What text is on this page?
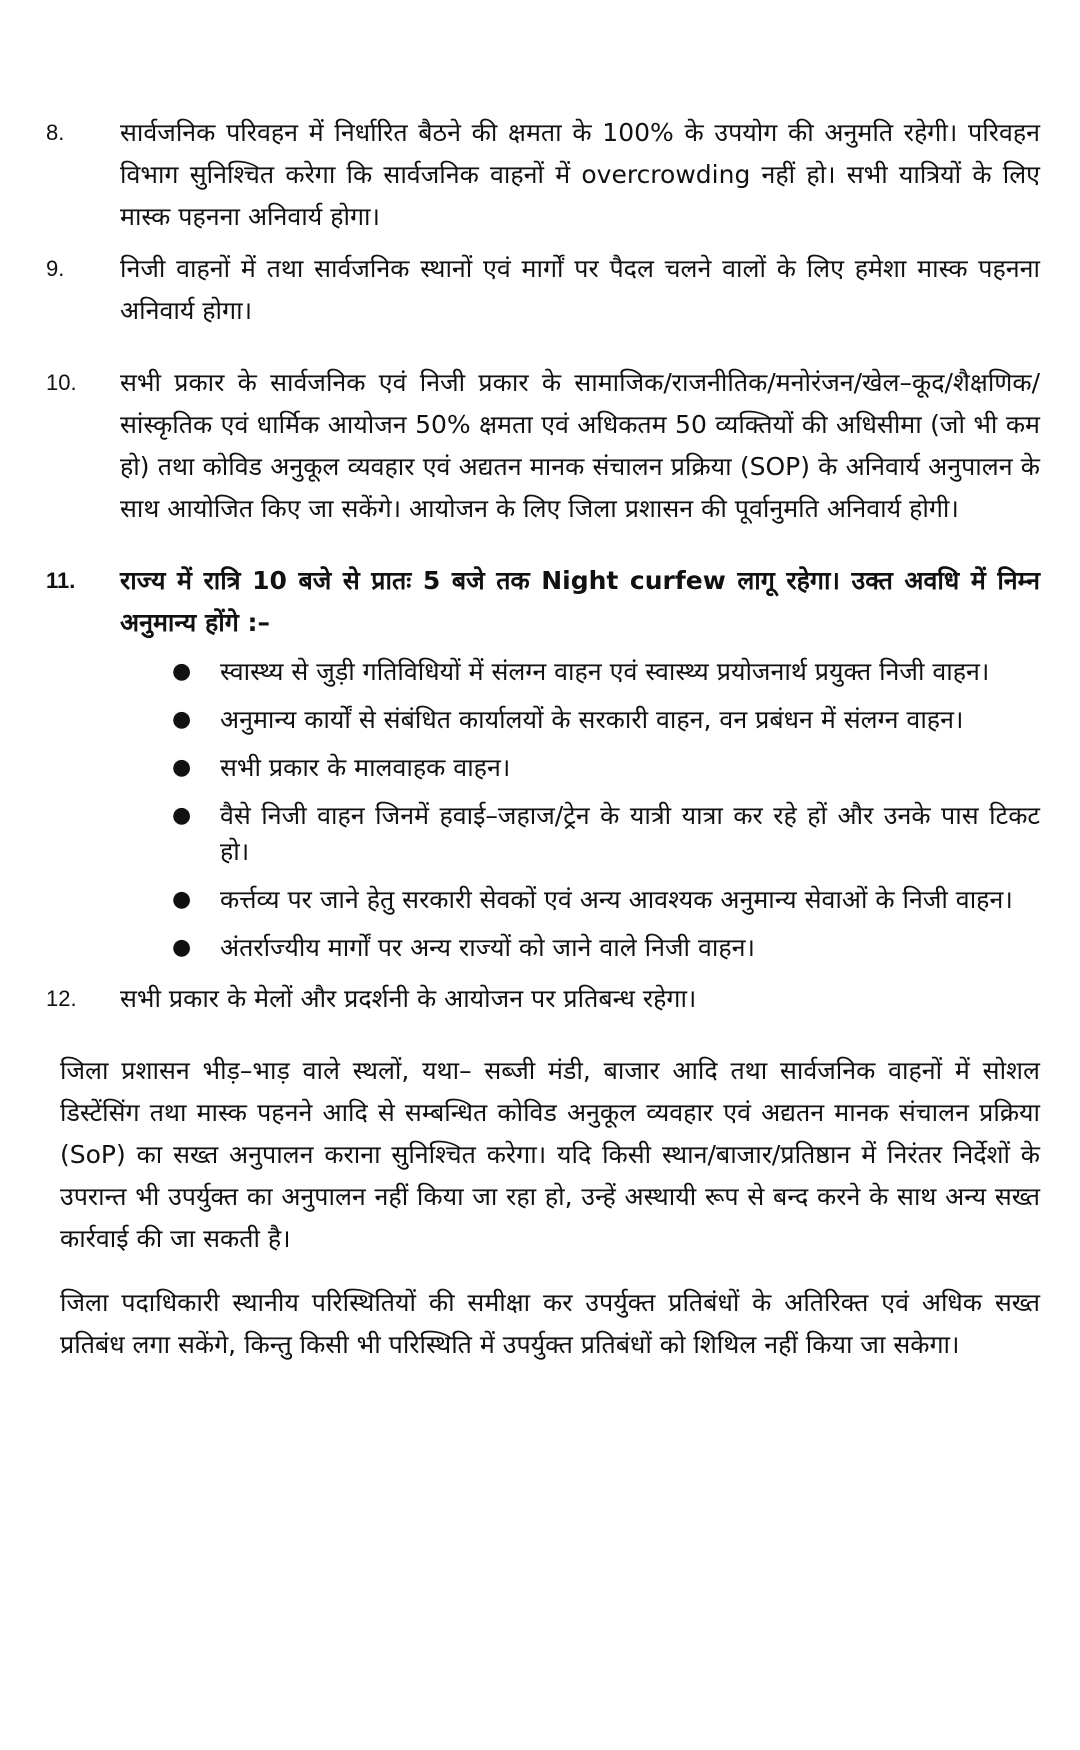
8.	सार्वजनिक परिवहन में निर्धारित बैठने की क्षमता के 100% के उपयोग की अनुमति रहेगी। परिवहन विभाग सुनिश्चित करेगा कि सार्वजनिक वाहनों में overcrowding नहीं हो। सभी यात्रियों के लिए मास्क पहनना अनिवार्य होगा।
9.	निजी वाहनों में तथा सार्वजनिक स्थानों एवं मार्गों पर पैदल चलने वालों के लिए हमेशा मास्क पहनना अनिवार्य होगा।
10.	सभी प्रकार के सार्वजनिक एवं निजी प्रकार के सामाजिक/राजनीतिक/मनोरंजन/खेल–कूद/शैक्षणिक/सांस्कृतिक एवं धार्मिक आयोजन 50% क्षमता एवं अधिकतम 50 व्यक्तियों की अधिसीमा (जो भी कम हो) तथा कोविड अनुकूल व्यवहार एवं अद्यतन मानक संचालन प्रक्रिया (SOP) के अनिवार्य अनुपालन के साथ आयोजित किए जा सकेंगे। आयोजन के लिए जिला प्रशासन की पूर्वानुमति अनिवार्य होगी।
11.	राज्य में रात्रि 10 बजे से प्रातः 5 बजे तक Night curfew लागू रहेगा। उक्त अवधि में निम्न अनुमान्य होंगे :–
●	स्वास्थ्य से जुड़ी गतिविधियों में संलग्न वाहन एवं स्वास्थ्य प्रयोजनार्थ प्रयुक्त निजी वाहन।
●	अनुमान्य कार्यों से संबंधित कार्यालयों के सरकारी वाहन, वन प्रबंधन में संलग्न वाहन।
●	सभी प्रकार के मालवाहक वाहन।
●	वैसे निजी वाहन जिनमें हवाई–जहाज/ट्रेन के यात्री यात्रा कर रहे हों और उनके पास टिकट हो।
●	कर्त्तव्य पर जाने हेतु सरकारी सेवकों एवं अन्य आवश्यक अनुमान्य सेवाओं के निजी वाहन।
●	अंतर्राज्यीय मार्गों पर अन्य राज्यों को जाने वाले निजी वाहन।
12.	सभी प्रकार के मेलों और प्रदर्शनी के आयोजन पर प्रतिबन्ध रहेगा।

जिला प्रशासन भीड़–भाड़ वाले स्थलों, यथा– सब्जी मंडी, बाजार आदि तथा सार्वजनिक वाहनों में सोशल डिस्टेंसिंग तथा मास्क पहनने आदि से सम्बन्धित कोविड अनुकूल व्यवहार एवं अद्यतन मानक संचालन प्रक्रिया (SoP) का सख्त अनुपालन कराना सुनिश्चित करेगा। यदि किसी स्थान/बाजार/प्रतिष्ठान में निरंतर निर्देशों के उपरान्त भी उपर्युक्त का अनुपालन नहीं किया जा रहा हो, उन्हें अस्थायी रूप से बन्द करने के साथ अन्य सख्त कार्रवाई की जा सकती है।

जिला पदाधिकारी स्थानीय परिस्थितियों की समीक्षा कर उपर्युक्त प्रतिबंधों के अतिरिक्त एवं अधिक सख्त प्रतिबंध लगा सकेंगे, किन्तु किसी भी परिस्थिति में उपर्युक्त प्रतिबंधों को शिथिल नहीं किया जा सकेगा।
